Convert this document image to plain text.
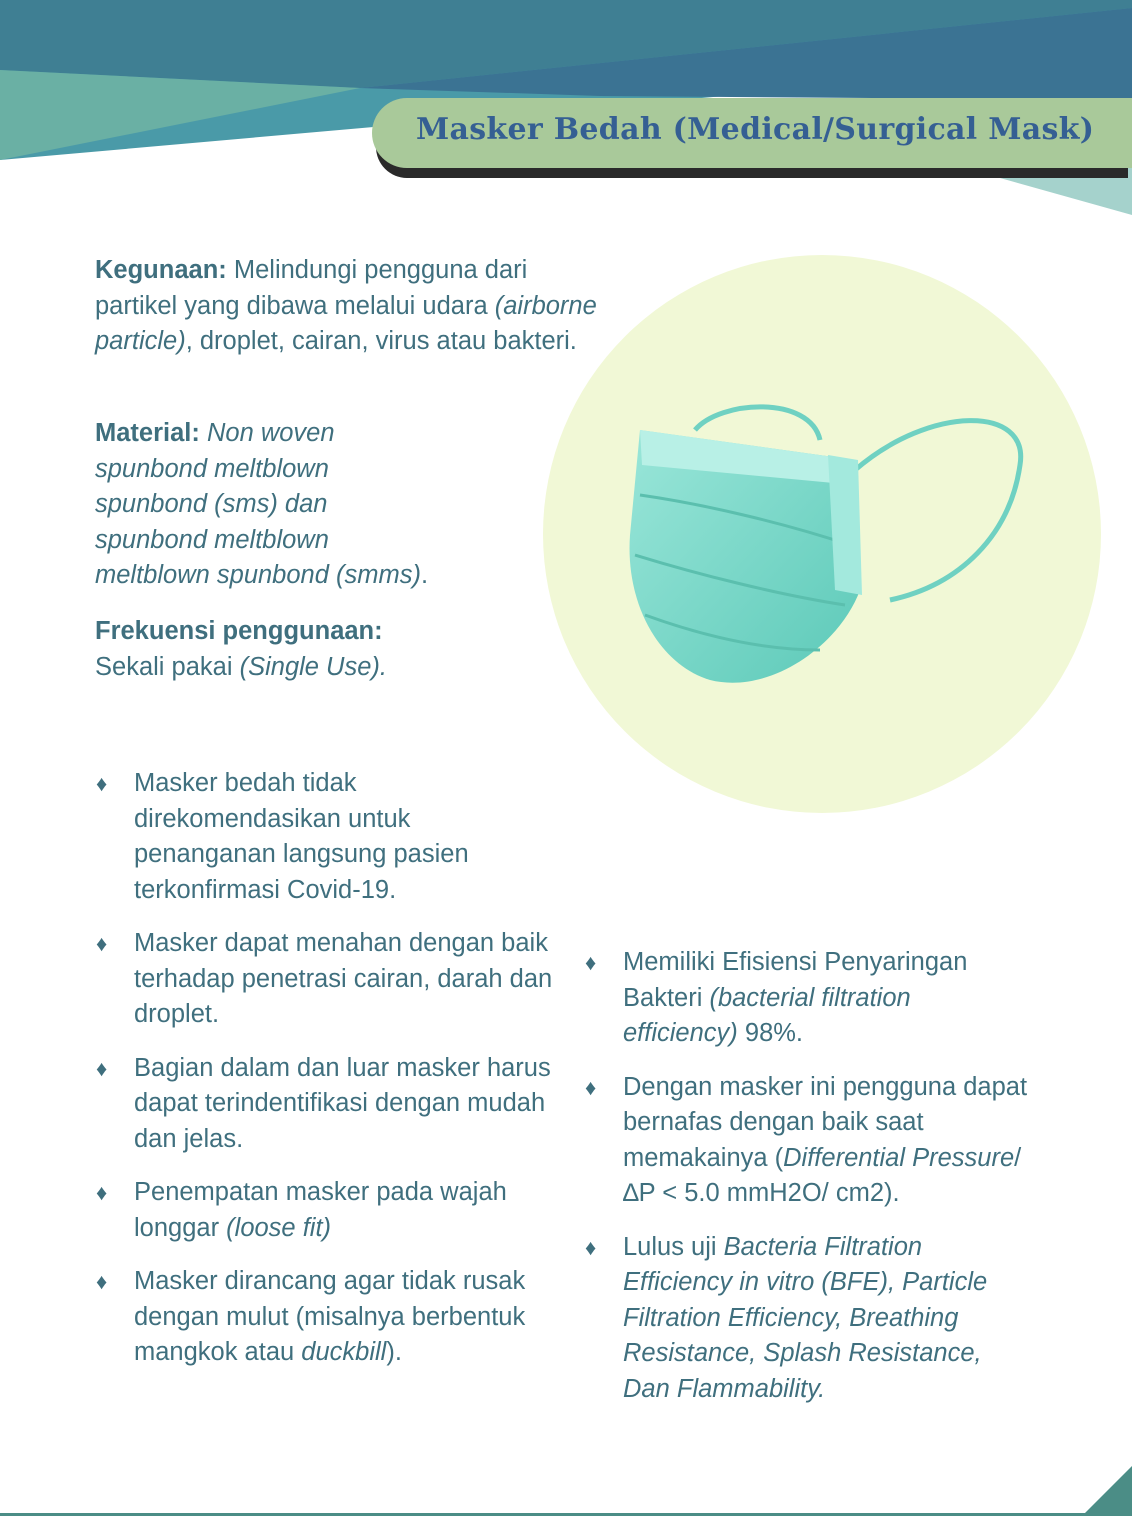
Masker Bedah (Medical/Surgical Mask)
Kegunaan: Melindungi pengguna dari partikel yang dibawa melalui udara (airborne particle), droplet, cairan, virus atau bakteri.
Material: Non woven
spunbond meltblown
spunbond (sms) dan
spunbond meltblown
meltblown spunbond (smms).
Frekuensi penggunaan:
Sekali pakai (Single Use).
♦ Masker bedah tidak direkomendasikan untuk penanganan langsung pasien terkonfirmasi Covid-19.
♦ Masker dapat menahan dengan baik terhadap penetrasi cairan, darah dan droplet.
♦ Bagian dalam dan luar masker harus dapat terindentifikasi dengan mudah dan jelas.
♦ Penempatan masker pada wajah longgar (loose fit)
♦ Masker dirancang agar tidak rusak dengan mulut (misalnya berbentuk mangkok atau duckbill).
♦ Memiliki Efisiensi Penyaringan Bakteri (bacterial filtration efficiency) 98%.
♦ Dengan masker ini pengguna dapat bernafas dengan baik saat memakainya (Differential Pressure/∆P < 5.0 mmH2O/ cm2).
♦ Lulus uji Bacteria Filtration Efficiency in vitro (BFE), Particle Filtration Efficiency, Breathing Resistance, Splash Resistance, Dan Flammability.
